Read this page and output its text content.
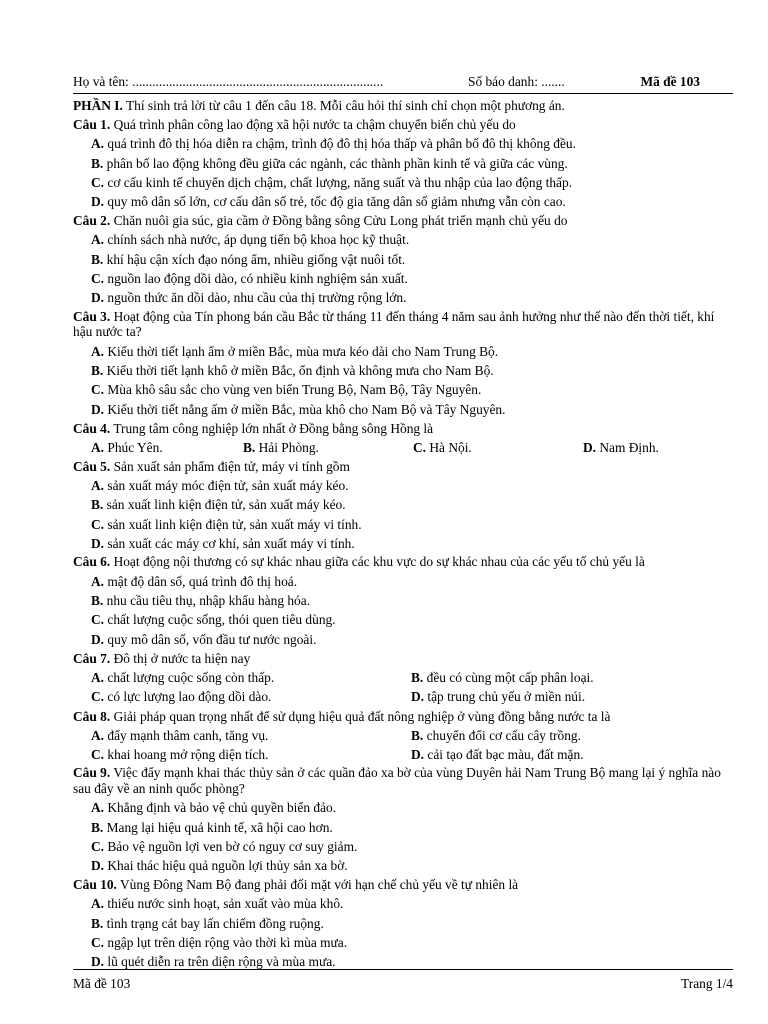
Họ và tên: ...........................................................................	Số báo danh: .......	Mã đề 103
PHẦN I. Thí sinh trả lời từ câu 1 đến câu 18. Mỗi câu hỏi thí sinh chỉ chọn một phương án.
Câu 1. Quá trình phân công lao động xã hội nước ta chậm chuyển biến chủ yếu do
A. quá trình đô thị hóa diễn ra chậm, trình độ đô thị hóa thấp và phân bố đô thị không đều.
B. phân bố lao động không đều giữa các ngành, các thành phần kinh tế và giữa các vùng.
C. cơ cấu kinh tế chuyển dịch chậm, chất lượng, năng suất và thu nhập của lao động thấp.
D. quy mô dân số lớn, cơ cấu dân số trẻ, tốc độ gia tăng dân số giảm nhưng vẫn còn cao.
Câu 2. Chăn nuôi gia súc, gia cầm ở Đồng bằng sông Cửu Long phát triển mạnh chủ yếu do
A. chính sách nhà nước, áp dụng tiến bộ khoa học kỹ thuật.
B. khí hậu cận xích đạo nóng ẩm, nhiều giống vật nuôi tốt.
C. nguồn lao động dồi dào, có nhiều kinh nghiệm sản xuất.
D. nguồn thức ăn dồi dào, nhu cầu của thị trường rộng lớn.
Câu 3. Hoạt động của Tín phong bán cầu Bắc từ tháng 11 đến tháng 4 năm sau ảnh hưởng như thế nào đến thời tiết, khí hậu nước ta?
A. Kiểu thời tiết lạnh ẩm ở miền Bắc, mùa mưa kéo dài cho Nam Trung Bộ.
B. Kiểu thời tiết lạnh khô ở miền Bắc, ổn định và không mưa cho Nam Bộ.
C. Mùa khô sâu sắc cho vùng ven biển Trung Bộ, Nam Bộ, Tây Nguyên.
D. Kiểu thời tiết nắng ấm ở miền Bắc, mùa khô cho Nam Bộ và Tây Nguyên.
Câu 4. Trung tâm công nghiệp lớn nhất ở Đồng bằng sông Hồng là
A. Phúc Yên.	B. Hải Phòng.	C. Hà Nội.	D. Nam Định.
Câu 5. Sản xuất sản phẩm điện tử, máy vi tính gồm
A. sản xuất máy móc điện tử, sản xuất máy kéo.
B. sản xuất linh kiện điện tử, sản xuất máy kéo.
C. sản xuất linh kiện điện tử, sản xuất máy vi tính.
D. sản xuất các máy cơ khí, sản xuất máy vi tính.
Câu 6. Hoạt động nội thương có sự khác nhau giữa các khu vực do sự khác nhau của các yếu tố chủ yếu là
A. mật độ dân số, quá trình đô thị hoá.
B. nhu cầu tiêu thụ, nhập khẩu hàng hóa.
C. chất lượng cuộc sống, thói quen tiêu dùng.
D. quy mô dân số, vốn đầu tư nước ngoài.
Câu 7. Đô thị ở nước ta hiện nay
A. chất lượng cuộc sống còn thấp.	B. đều có cùng một cấp phân loại.
C. có lực lượng lao động dồi dào.	D. tập trung chủ yếu ở miền núi.
Câu 8. Giải pháp quan trọng nhất để sử dụng hiệu quả đất nông nghiệp ở vùng đồng bằng nước ta là
A. đẩy mạnh thâm canh, tăng vụ.	B. chuyển đổi cơ cấu cây trồng.
C. khai hoang mở rộng diện tích.	D. cải tạo đất bạc màu, đất mặn.
Câu 9. Việc đẩy mạnh khai thác thủy sản ở các quần đảo xa bờ của vùng Duyên hải Nam Trung Bộ mang lại ý nghĩa nào sau đây về an ninh quốc phòng?
A. Khẳng định và bảo vệ chủ quyền biển đảo.
B. Mang lại hiệu quả kinh tế, xã hội cao hơn.
C. Bảo vệ nguồn lợi ven bờ có nguy cơ suy giảm.
D. Khai thác hiệu quả nguồn lợi thủy sản xa bờ.
Câu 10. Vùng Đông Nam Bộ đang phải đối mặt với hạn chế chủ yếu về tự nhiên là
A. thiếu nước sinh hoạt, sản xuất vào mùa khô.
B. tình trạng cát bay lấn chiếm đồng ruộng.
C. ngập lụt trên diện rộng vào thời kì mùa mưa.
D. lũ quét diễn ra trên diện rộng và mùa mưa.
Mã đề 103	Trang 1/4
